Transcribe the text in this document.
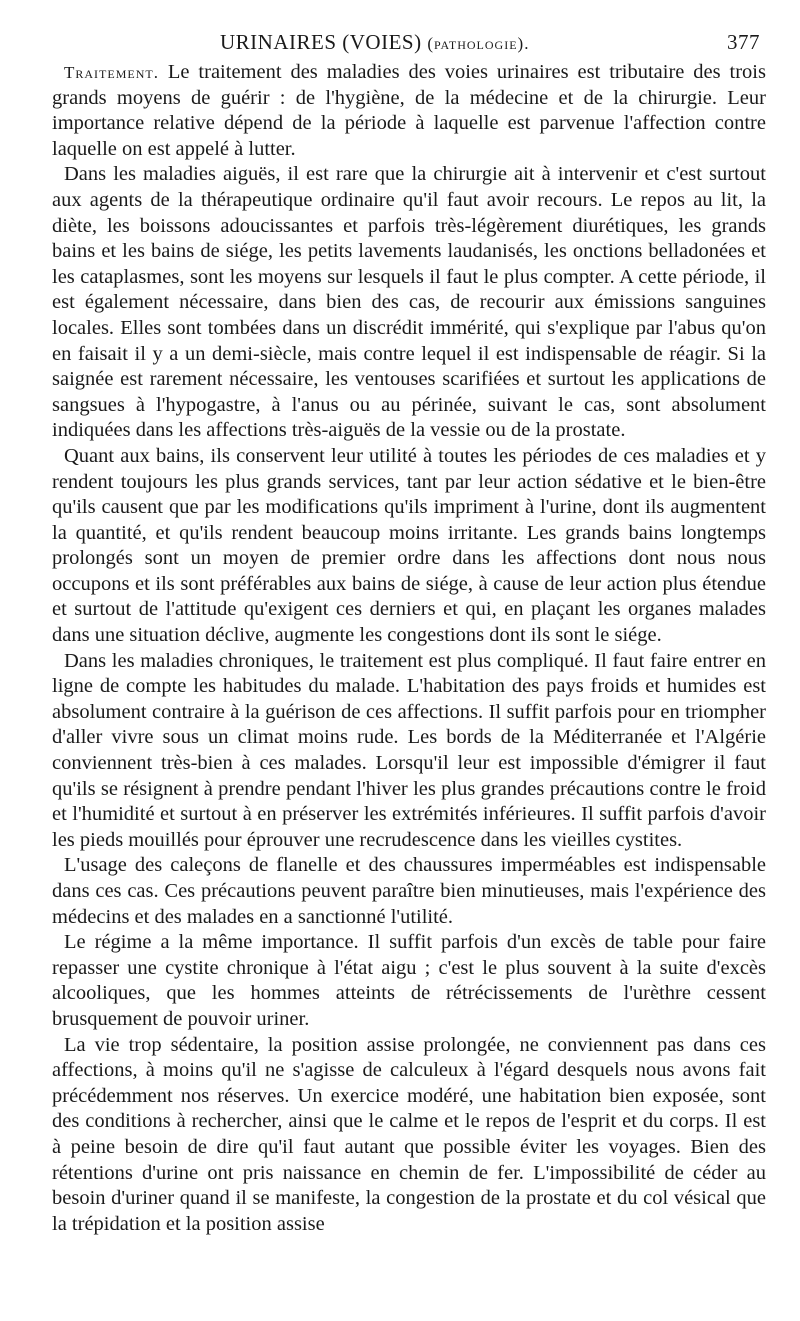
URINAIRES (VOIES) (pathologie).	377

Traitement. Le traitement des maladies des voies urinaires est tributaire des trois grands moyens de guérir : de l'hygiène, de la médecine et de la chirurgie. Leur importance relative dépend de la période à laquelle est parvenue l'affection contre laquelle on est appelé à lutter.

Dans les maladies aiguës, il est rare que la chirurgie ait à intervenir et c'est surtout aux agents de la thérapeutique ordinaire qu'il faut avoir recours. Le repos au lit, la diète, les boissons adoucissantes et parfois très-légèrement diurétiques, les grands bains et les bains de siége, les petits lavements laudanisés, les onctions belladonées et les cataplasmes, sont les moyens sur lesquels il faut le plus compter. A cette période, il est également nécessaire, dans bien des cas, de recourir aux émissions sanguines locales. Elles sont tombées dans un discrédit immérité, qui s'explique par l'abus qu'on en faisait il y a un demi-siècle, mais contre lequel il est indispensable de réagir. Si la saignée est rarement nécessaire, les ventouses scarifiées et surtout les applications de sangsues à l'hypogastre, à l'anus ou au périnée, suivant le cas, sont absolument indiquées dans les affections très-aiguës de la vessie ou de la prostate.

Quant aux bains, ils conservent leur utilité à toutes les périodes de ces maladies et y rendent toujours les plus grands services, tant par leur action sédative et le bien-être qu'ils causent que par les modifications qu'ils impriment à l'urine, dont ils augmentent la quantité, et qu'ils rendent beaucoup moins irritante. Les grands bains longtemps prolongés sont un moyen de premier ordre dans les affections dont nous nous occupons et ils sont préférables aux bains de siége, à cause de leur action plus étendue et surtout de l'attitude qu'exigent ces derniers et qui, en plaçant les organes malades dans une situation déclive, augmente les congestions dont ils sont le siége.

Dans les maladies chroniques, le traitement est plus compliqué. Il faut faire entrer en ligne de compte les habitudes du malade. L'habitation des pays froids et humides est absolument contraire à la guérison de ces affections. Il suffit parfois pour en triompher d'aller vivre sous un climat moins rude. Les bords de la Méditerranée et l'Algérie conviennent très-bien à ces malades. Lorsqu'il leur est impossible d'émigrer il faut qu'ils se résignent à prendre pendant l'hiver les plus grandes précautions contre le froid et l'humidité et surtout à en préserver les extrémités inférieures. Il suffit parfois d'avoir les pieds mouillés pour éprouver une recrudescence dans les vieilles cystites.

L'usage des caleçons de flanelle et des chaussures imperméables est indispensable dans ces cas. Ces précautions peuvent paraître bien minutieuses, mais l'expérience des médecins et des malades en a sanctionné l'utilité.

Le régime a la même importance. Il suffit parfois d'un excès de table pour faire repasser une cystite chronique à l'état aigu ; c'est le plus souvent à la suite d'excès alcooliques, que les hommes atteints de rétrécissements de l'urèthre cessent brusquement de pouvoir uriner.

La vie trop sédentaire, la position assise prolongée, ne conviennent pas dans ces affections, à moins qu'il ne s'agisse de calculeux à l'égard desquels nous avons fait précédemment nos réserves. Un exercice modéré, une habitation bien exposée, sont des conditions à rechercher, ainsi que le calme et le repos de l'esprit et du corps. Il est à peine besoin de dire qu'il faut autant que possible éviter les voyages. Bien des rétentions d'urine ont pris naissance en chemin de fer. L'impossibilité de céder au besoin d'uriner quand il se manifeste, la congestion de la prostate et du col vésical que la trépidation et la position assise
